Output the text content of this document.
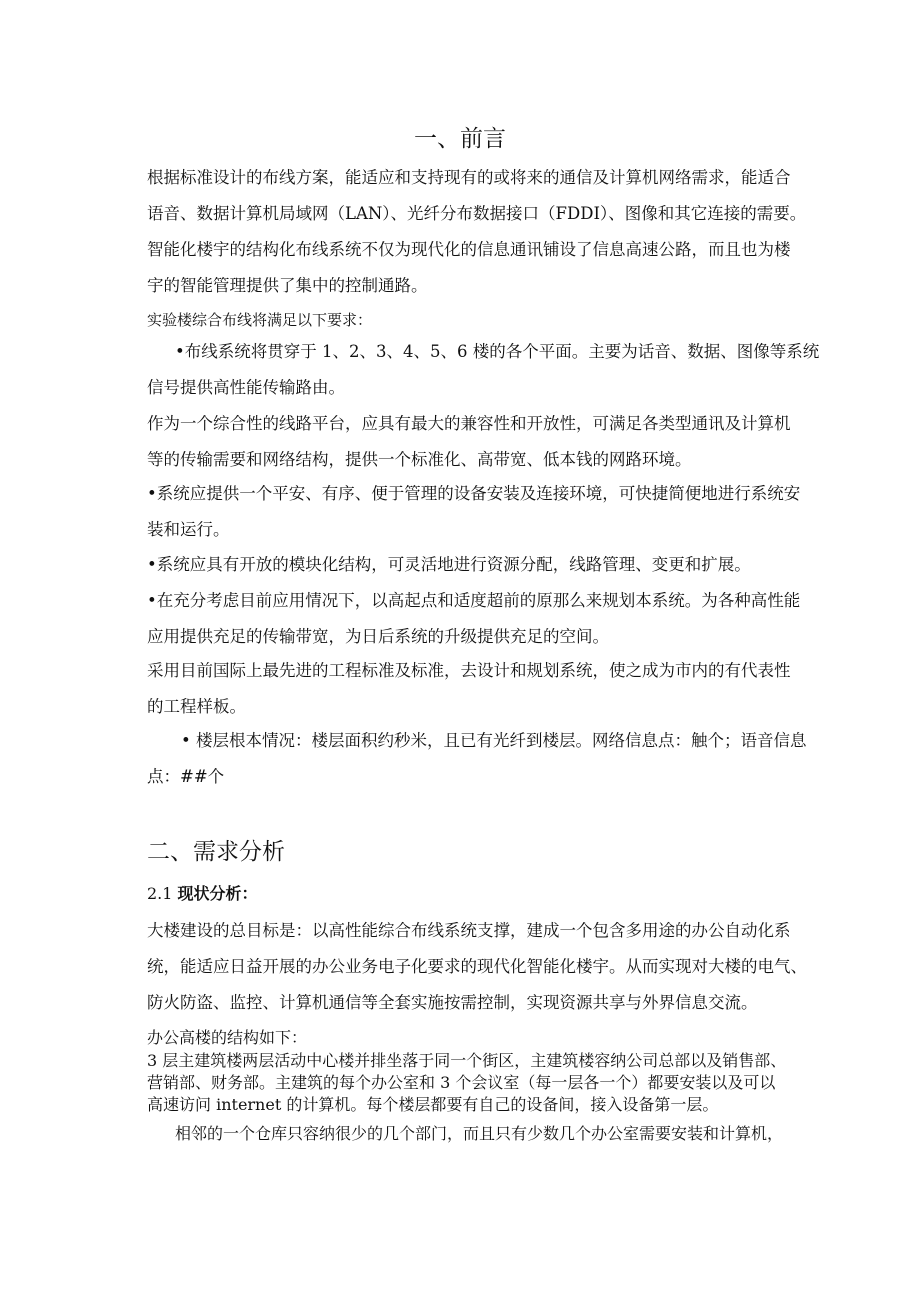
一、前言
根据标准设计的布线方案，能适应和支持现有的或将来的通信及计算机网络需求，能适合
语音、数据计算机局域网（LAN）、光纤分布数据接口（FDDI）、图像和其它连接的需要。
智能化楼宇的结构化布线系统不仅为现代化的信息通讯铺设了信息高速公路，而且也为楼
宇的智能管理提供了集中的控制通路。
实验楼综合布线将满足以下要求：
•布线系统将贯穿于 1、2、3、4、5、6 楼的各个平面。主要为话音、数据、图像等系统
信号提供高性能传输路由。
作为一个综合性的线路平台，应具有最大的兼容性和开放性，可满足各类型通讯及计算机
等的传输需要和网络结构，提供一个标准化、高带宽、低本钱的网路环境。
•系统应提供一个平安、有序、便于管理的设备安装及连接环境，可快捷简便地进行系统安
装和运行。
•系统应具有开放的模块化结构，可灵活地进行资源分配，线路管理、变更和扩展。
•在充分考虑目前应用情况下，以高起点和适度超前的原那么来规划本系统。为各种高性能
应用提供充足的传输带宽，为日后系统的升级提供充足的空间。
采用目前国际上最先进的工程标准及标准，去设计和规划系统，使之成为市内的有代表性
的工程样板。
• 楼层根本情况：楼层面积约秒米，且已有光纤到楼层。网络信息点：触个；语音信息
点：##个
二、需求分析
2.1 现状分析：
大楼建设的总目标是：以高性能综合布线系统支撑，建成一个包含多用途的办公自动化系
统，能适应日益开展的办公业务电子化要求的现代化智能化楼宇。从而实现对大楼的电气、
防火防盗、监控、计算机通信等全套实施按需控制，实现资源共享与外界信息交流。
办公高楼的结构如下：
3 层主建筑楼两层活动中心楼并排坐落于同一个街区，主建筑楼容纳公司总部以及销售部、
营销部、财务部。主建筑的每个办公室和 3 个会议室（每一层各一个）都要安装以及可以
高速访问 internet 的计算机。每个楼层都要有自己的设备间，接入设备第一层。
相邻的一个仓库只容纳很少的几个部门，而且只有少数几个办公室需要安装和计算机，
